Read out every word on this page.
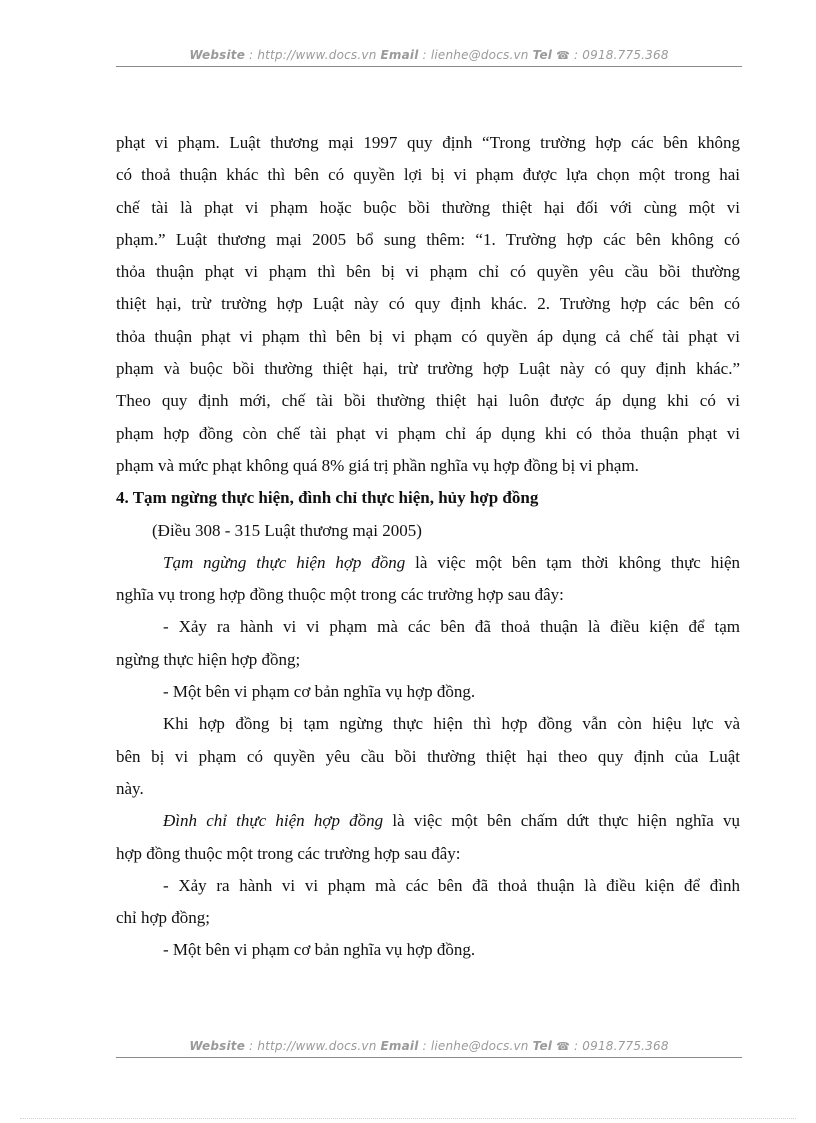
Website : http://www.docs.vn Email : lienhe@docs.vn Tel ☎ : 0918.775.368

phạt vi phạm. Luật thương mại 1997 quy định “Trong trường hợp các bên không

có thoả thuận khác thì bên có quyền lợi bị vi phạm được lựa chọn một trong hai

chế tài là phạt vi phạm hoặc buộc bồi thường thiệt hại đối với cùng một vi

phạm.” Luật thương mại 2005 bổ sung thêm: “1. Trường hợp các bên không có

thỏa thuận phạt vi phạm thì bên bị vi phạm chỉ có quyền yêu cầu bồi thường

thiệt hại, trừ trường hợp Luật này có quy định khác. 2. Trường hợp các bên có

thỏa thuận phạt vi phạm thì bên bị vi phạm có quyền áp dụng cả chế tài phạt vi

phạm và buộc bồi thường thiệt hại, trừ trường hợp Luật này có quy định khác.”

Theo quy định mới, chế tài bồi thường thiệt hại luôn được áp dụng khi có vi

phạm hợp đồng còn chế tài phạt vi phạm chỉ áp dụng khi có thỏa thuận phạt vi

phạm và mức phạt không quá 8% giá trị phần nghĩa vụ hợp đồng bị vi phạm.

4. Tạm ngừng thực hiện, đình chỉ thực hiện, hủy hợp đồng

(Điều 308 - 315 Luật thương mại 2005)

Tạm ngừng thực hiện hợp đồng là việc một bên tạm thời không thực hiện

nghĩa vụ trong hợp đồng thuộc một trong các trường hợp sau đây:

- Xảy ra hành vi vi phạm mà các bên đã thoả thuận là điều kiện để tạm

ngừng thực hiện hợp đồng;

- Một bên vi phạm cơ bản nghĩa vụ hợp đồng.

Khi hợp đồng bị tạm ngừng thực hiện thì hợp đồng vẫn còn hiệu lực và

bên bị vi phạm có quyền yêu cầu bồi thường thiệt hại theo quy định của Luật

này.

Đình chỉ thực hiện hợp đồng là việc một bên chấm dứt thực hiện nghĩa vụ

hợp đồng thuộc một trong các trường hợp sau đây:

- Xảy ra hành vi vi phạm mà các bên đã thoả thuận là điều kiện để đình

chỉ hợp đồng;

- Một bên vi phạm cơ bản nghĩa vụ hợp đồng.

Website : http://www.docs.vn Email : lienhe@docs.vn Tel ☎ : 0918.775.368
